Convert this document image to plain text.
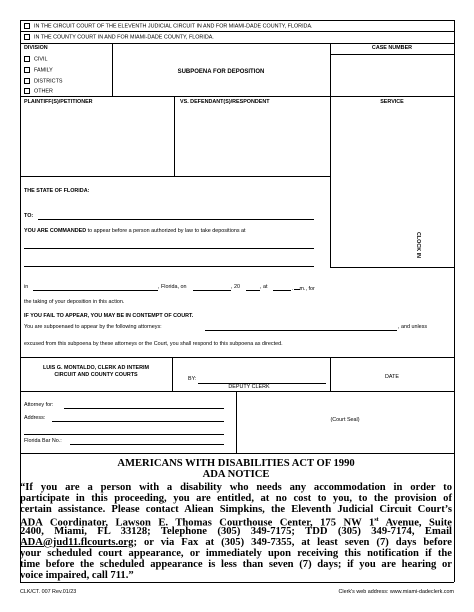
IN THE CIRCUIT COURT OF THE ELEVENTH JUDICIAL CIRCUIT IN AND FOR MIAMI-DADE COUNTY, FLORIDA.
IN THE COUNTY COURT IN AND FOR MIAMI-DADE COUNTY, FLORIDA.
DIVISION
CIVIL
FAMILY
DISTRICTS
OTHER
SUBPOENA FOR DEPOSITION
CASE NUMBER
PLAINTIFF(S)/PETITIONER	VS. DEFENDANT(S)/RESPONDENT	SERVICE
THE STATE OF FLORIDA:
TO:
YOU ARE COMMANDED to appear before a person authorized by law to take depositions at
CLOCK IN
in	, Florida, on	, 20	, at	. m., for
the taking of your deposition in this action.
IF YOU FAIL TO APPEAR, YOU MAY BE IN CONTEMPT OF COURT.
You are subpoenaed to appear by the following attorneys:	, and unless
excused from this subpoena by these attorneys or the Court, you shall respond to this subpoena as directed.
LUIS G. MONTALDO, CLERK AD INTERIM
CIRCUIT AND COUNTY COURTS
BY:
DEPUTY CLERK
DATE
Attorney for:
Address:
Florida Bar No.:
(Court Seal)
AMERICANS WITH DISABILITIES ACT OF 1990
ADA NOTICE
“If you are a person with a disability who needs any accommodation in order to
participate in this proceeding, you are entitled, at no cost to you, to the provision of
certain assistance. Please contact Aliean Simpkins, the Eleventh Judicial Circuit Court’s
ADA Coordinator, Lawson E. Thomas Courthouse Center, 175 NW 1st Avenue, Suite
2400, Miami, FL 33128; Telephone (305) 349-7175; TDD (305) 349-7174, Email
ADA@jud11.flcourts.org; or via Fax at (305) 349-7355, at least seven (7) days before
your scheduled court appearance, or immediately upon receiving this notification if the
time before the scheduled appearance is less than seven (7) days; if you are hearing or
voice impaired, call 711.”
CLK/CT. 007 Rev.01/23	Clerk's web address: www.miami-dadeclerk.com
